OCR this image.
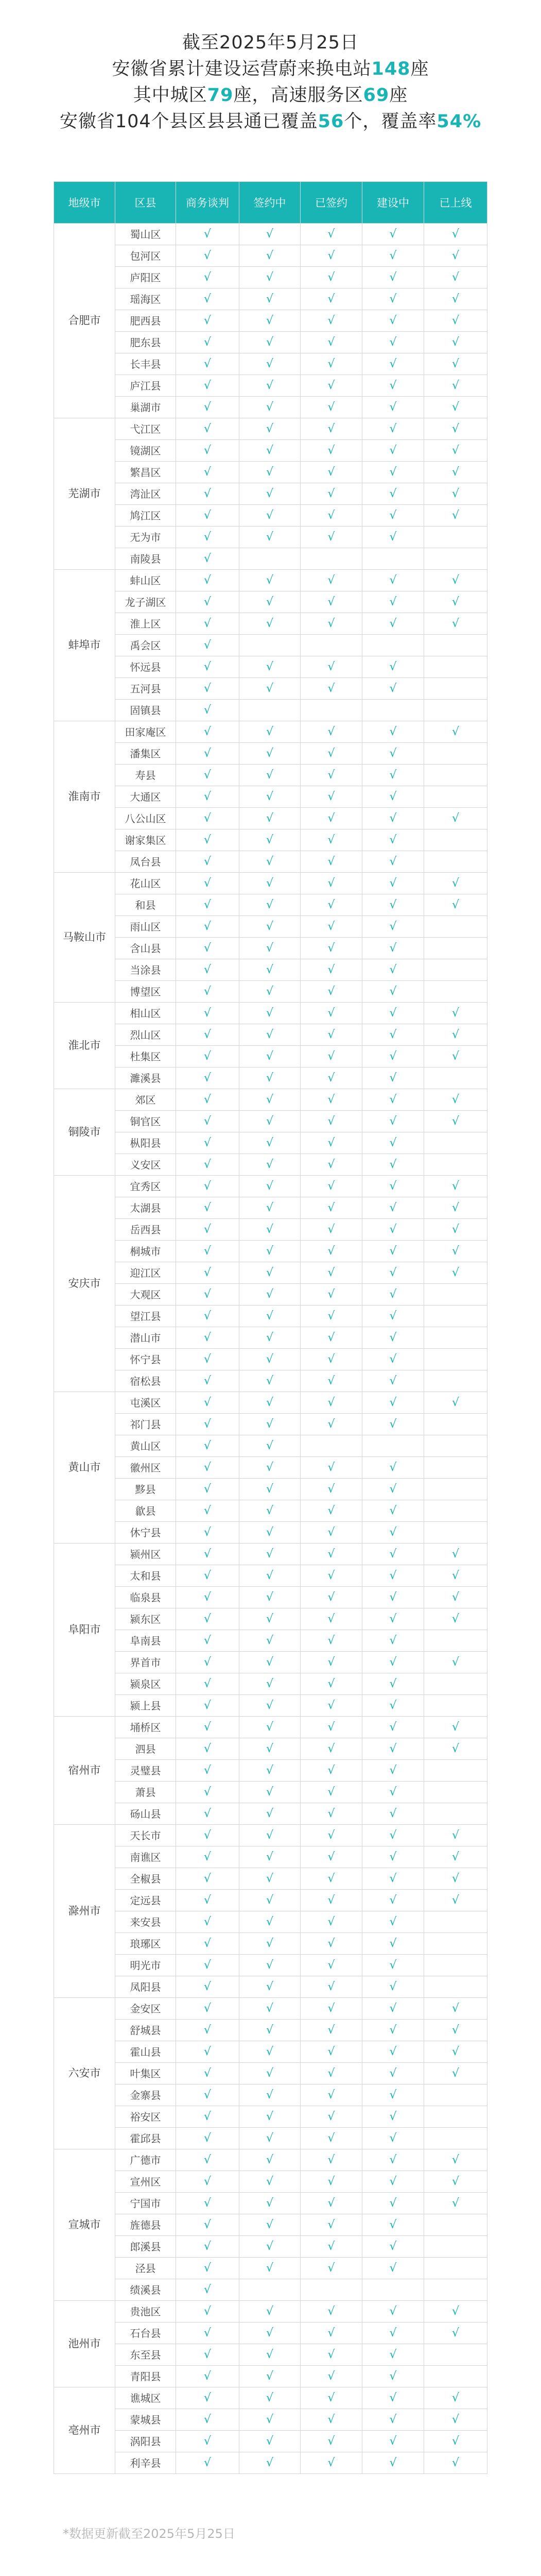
截至2025年5月25日
安徽省累计建设运营蔚来换电站148座
其中城区79座，高速服务区69座
安徽省104个县区县县通已覆盖56个，覆盖率54%
地级市	区县	商务谈判	签约中	已签约	建设中	已上线
合肥市	蜀山区	√	√	√	√	√
	包河区	√	√	√	√	√
	庐阳区	√	√	√	√	√
	瑶海区	√	√	√	√	√
	肥西县	√	√	√	√	√
	肥东县	√	√	√	√	√
	长丰县	√	√	√	√	√
	庐江县	√	√	√	√	√
	巢湖市	√	√	√	√	√
芜湖市	弋江区	√	√	√	√	√
	镜湖区	√	√	√	√	√
	繁昌区	√	√	√	√	√
	湾沚区	√	√	√	√	√
	鸠江区	√	√	√	√	√
	无为市	√	√	√	√	
	南陵县	√				
蚌埠市	蚌山区	√	√	√	√	√
	龙子湖区	√	√	√	√	√
	淮上区	√	√	√	√	√
	禹会区	√				
	怀远县	√	√	√	√	
	五河县	√	√	√	√	
	固镇县	√				
淮南市	田家庵区	√	√	√	√	√
	潘集区	√	√	√	√	
	寿县	√	√	√	√	
	大通区	√	√	√	√	
	八公山区	√	√	√	√	√
	谢家集区	√	√	√	√	
	凤台县	√	√	√	√	
马鞍山市	花山区	√	√	√	√	√
	和县	√	√	√	√	√
	雨山区	√	√	√	√	
	含山县	√	√	√	√	
	当涂县	√	√	√	√	
	博望区	√	√	√	√	
淮北市	相山区	√	√	√	√	√
	烈山区	√	√	√	√	√
	杜集区	√	√	√	√	√
	濉溪县	√	√	√	√	
铜陵市	郊区	√	√	√	√	√
	铜官区	√	√	√	√	√
	枞阳县	√	√	√	√	
	义安区	√	√	√	√	
安庆市	宜秀区	√	√	√	√	√
	太湖县	√	√	√	√	√
	岳西县	√	√	√	√	√
	桐城市	√	√	√	√	√
	迎江区	√	√	√	√	√
	大观区	√	√	√	√	
	望江县	√	√	√	√	
	潜山市	√	√	√	√	
	怀宁县	√	√	√	√	
	宿松县	√	√	√	√	
黄山市	屯溪区	√	√	√	√	√
	祁门县	√	√	√	√	
	黄山区	√	√			
	徽州区	√	√	√	√	
	黟县	√	√	√	√	
	歙县	√	√	√	√	
	休宁县	√	√	√	√	
阜阳市	颍州区	√	√	√	√	√
	太和县	√	√	√	√	√
	临泉县	√	√	√	√	√
	颍东区	√	√	√	√	√
	阜南县	√	√	√	√	
	界首市	√	√	√	√	√
	颍泉区	√	√	√	√	
	颍上县	√	√	√	√	
宿州市	埇桥区	√	√	√	√	√
	泗县	√	√	√	√	√
	灵璧县	√	√	√	√	
	萧县	√	√	√	√	
	砀山县	√	√	√	√	
滁州市	天长市	√	√	√	√	√
	南谯区	√	√	√	√	√
	全椒县	√	√	√	√	√
	定远县	√	√	√	√	√
	来安县	√	√	√	√	
	琅琊区	√	√	√	√	
	明光市	√	√	√	√	
	凤阳县	√	√	√	√	
六安市	金安区	√	√	√	√	√
	舒城县	√	√	√	√	√
	霍山县	√	√	√	√	√
	叶集区	√	√	√	√	√
	金寨县	√	√	√	√	
	裕安区	√	√	√	√	
	霍邱县	√	√	√	√	
宣城市	广德市	√	√	√	√	√
	宣州区	√	√	√	√	√
	宁国市	√	√	√	√	√
	旌德县	√	√	√	√	
	郎溪县	√	√	√	√	
	泾县	√	√	√	√	
	绩溪县	√				
池州市	贵池区	√	√	√	√	√
	石台县	√	√	√	√	√
	东至县	√	√	√	√	
	青阳县	√	√	√	√	
亳州市	谯城区	√	√	√	√	√
	蒙城县	√	√	√	√	√
	涡阳县	√	√	√	√	√
	利辛县	√	√	√	√	√
*数据更新截至2025年5月25日
